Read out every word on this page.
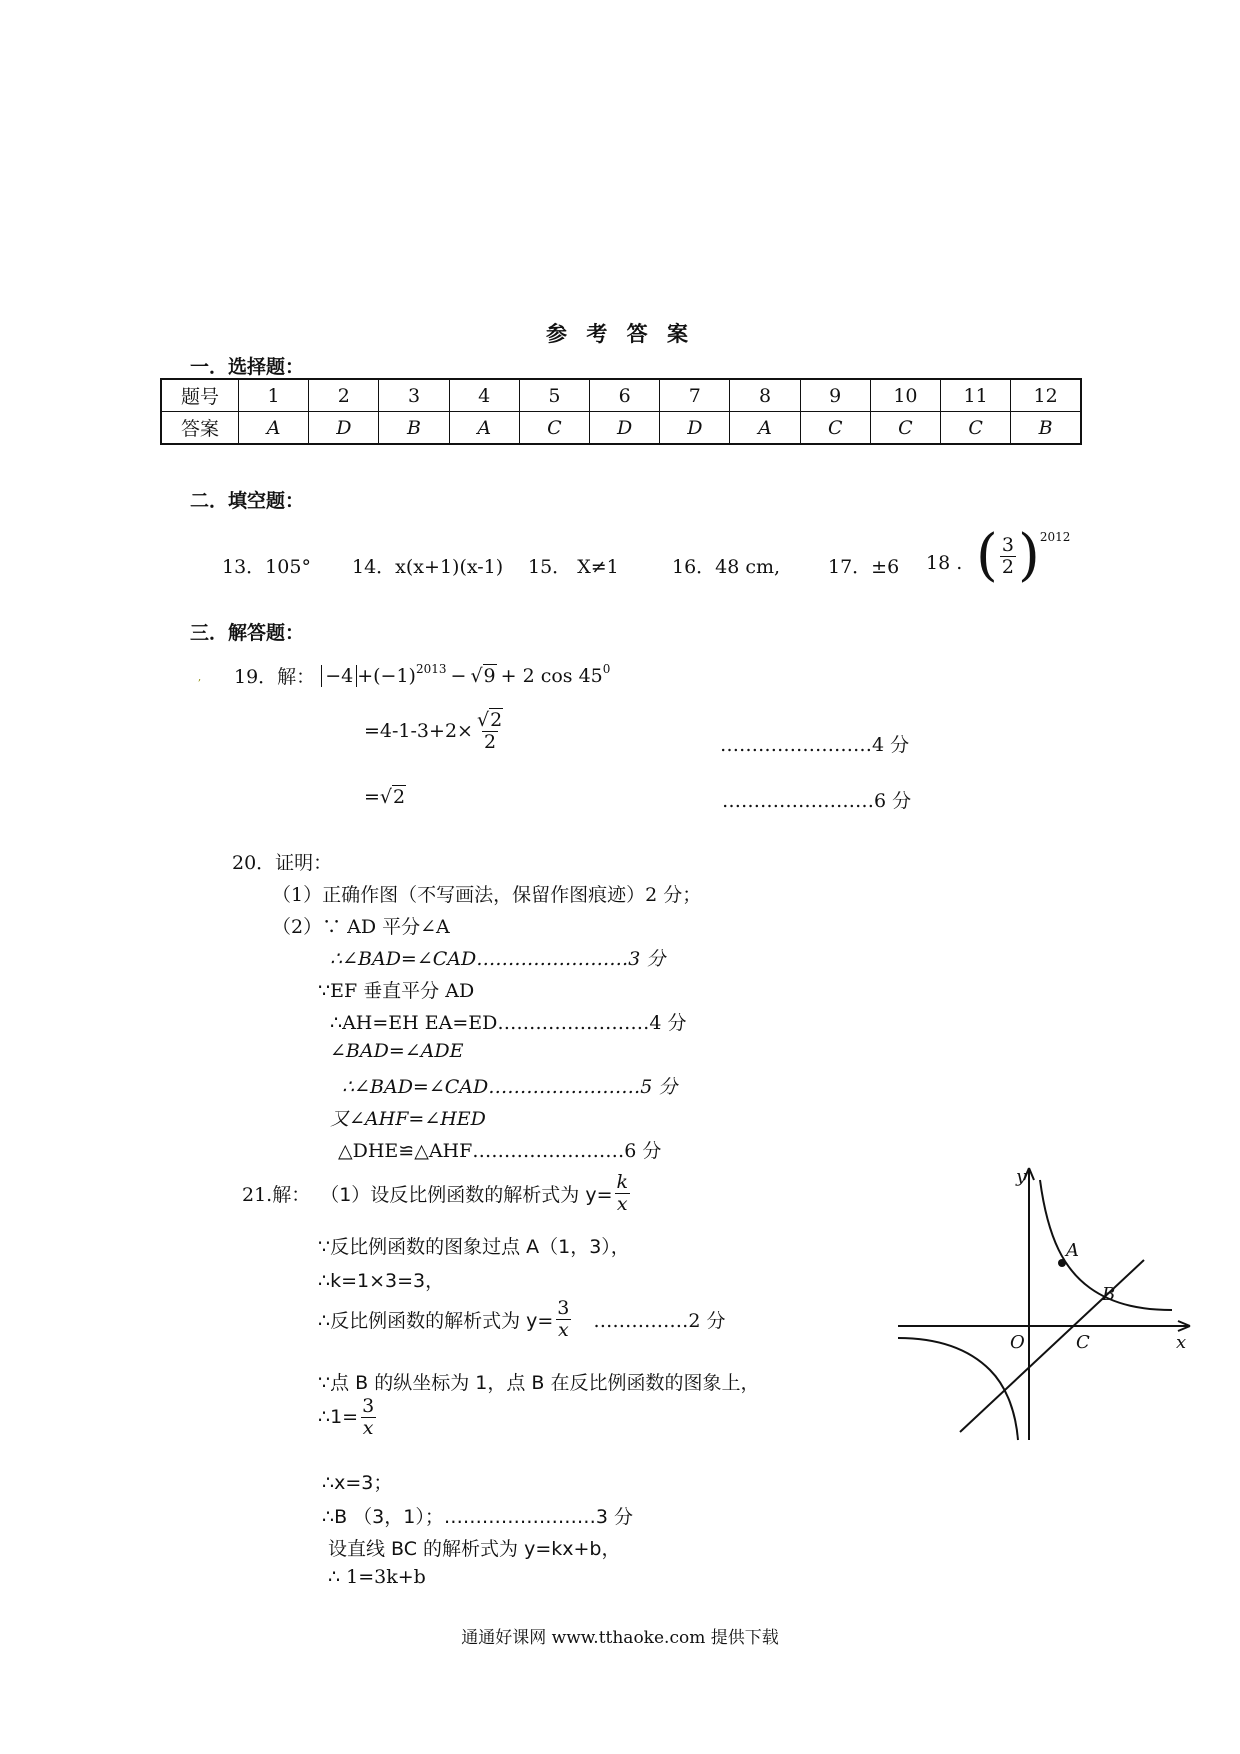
参 考 答 案
一．选择题：
题号	1	2	3	4	5	6	7	8	9	10	11	12
答案	A	D	B	A	C	D	D	A	C	C	C	B
二．填空题：
13．105° 14．x(x+1)(x-1) 15． X≠1	16．48 cm,	17．±6 18 . ( $\frac{3}{2}$ ) 2012
三．解答题：
, 19．解： $-4 +(-1)^{2013} - √9 + 2$ $\cos 45^0$
$=4-1-3+2\times \frac{√2}{2}$	……………………4 分
= √2	……………………6 分
20．证明：
（1）正确作图（不写画法，保留作图痕迹）2 分；
（2）∵ AD 平分∠A
∴∠BAD=∠CAD……………………3 分
∵EF 垂直平分 AD
∴AH=EH EA=ED……………………4 分
∠BAD=∠ADE
∴∠BAD=∠CAD……………………5 分
又∠AHF=∠HED
△DHE≌△AHF……………………6 分
21.解： （1）设反比例函数的解析式为 $y= \frac{k}{x}$
∵反比例函数的图象过点 A（1，3），
∴k=1×3=3，
∴反比例函数的解析式为 $y= \frac{3}{x}$ ……………2 分
∵点 B 的纵坐标为 1，点 B 在反比例函数的图象上，
∴1= $\frac{3}{x}$
∴x=3；
∴B （3，1）；……………………3 分
设直线 BC 的解析式为 y=kx+b，
∴ 1=3k+b
y
x
O
A
B
C
通通好课网 www.tthaoke.com 提供下载
